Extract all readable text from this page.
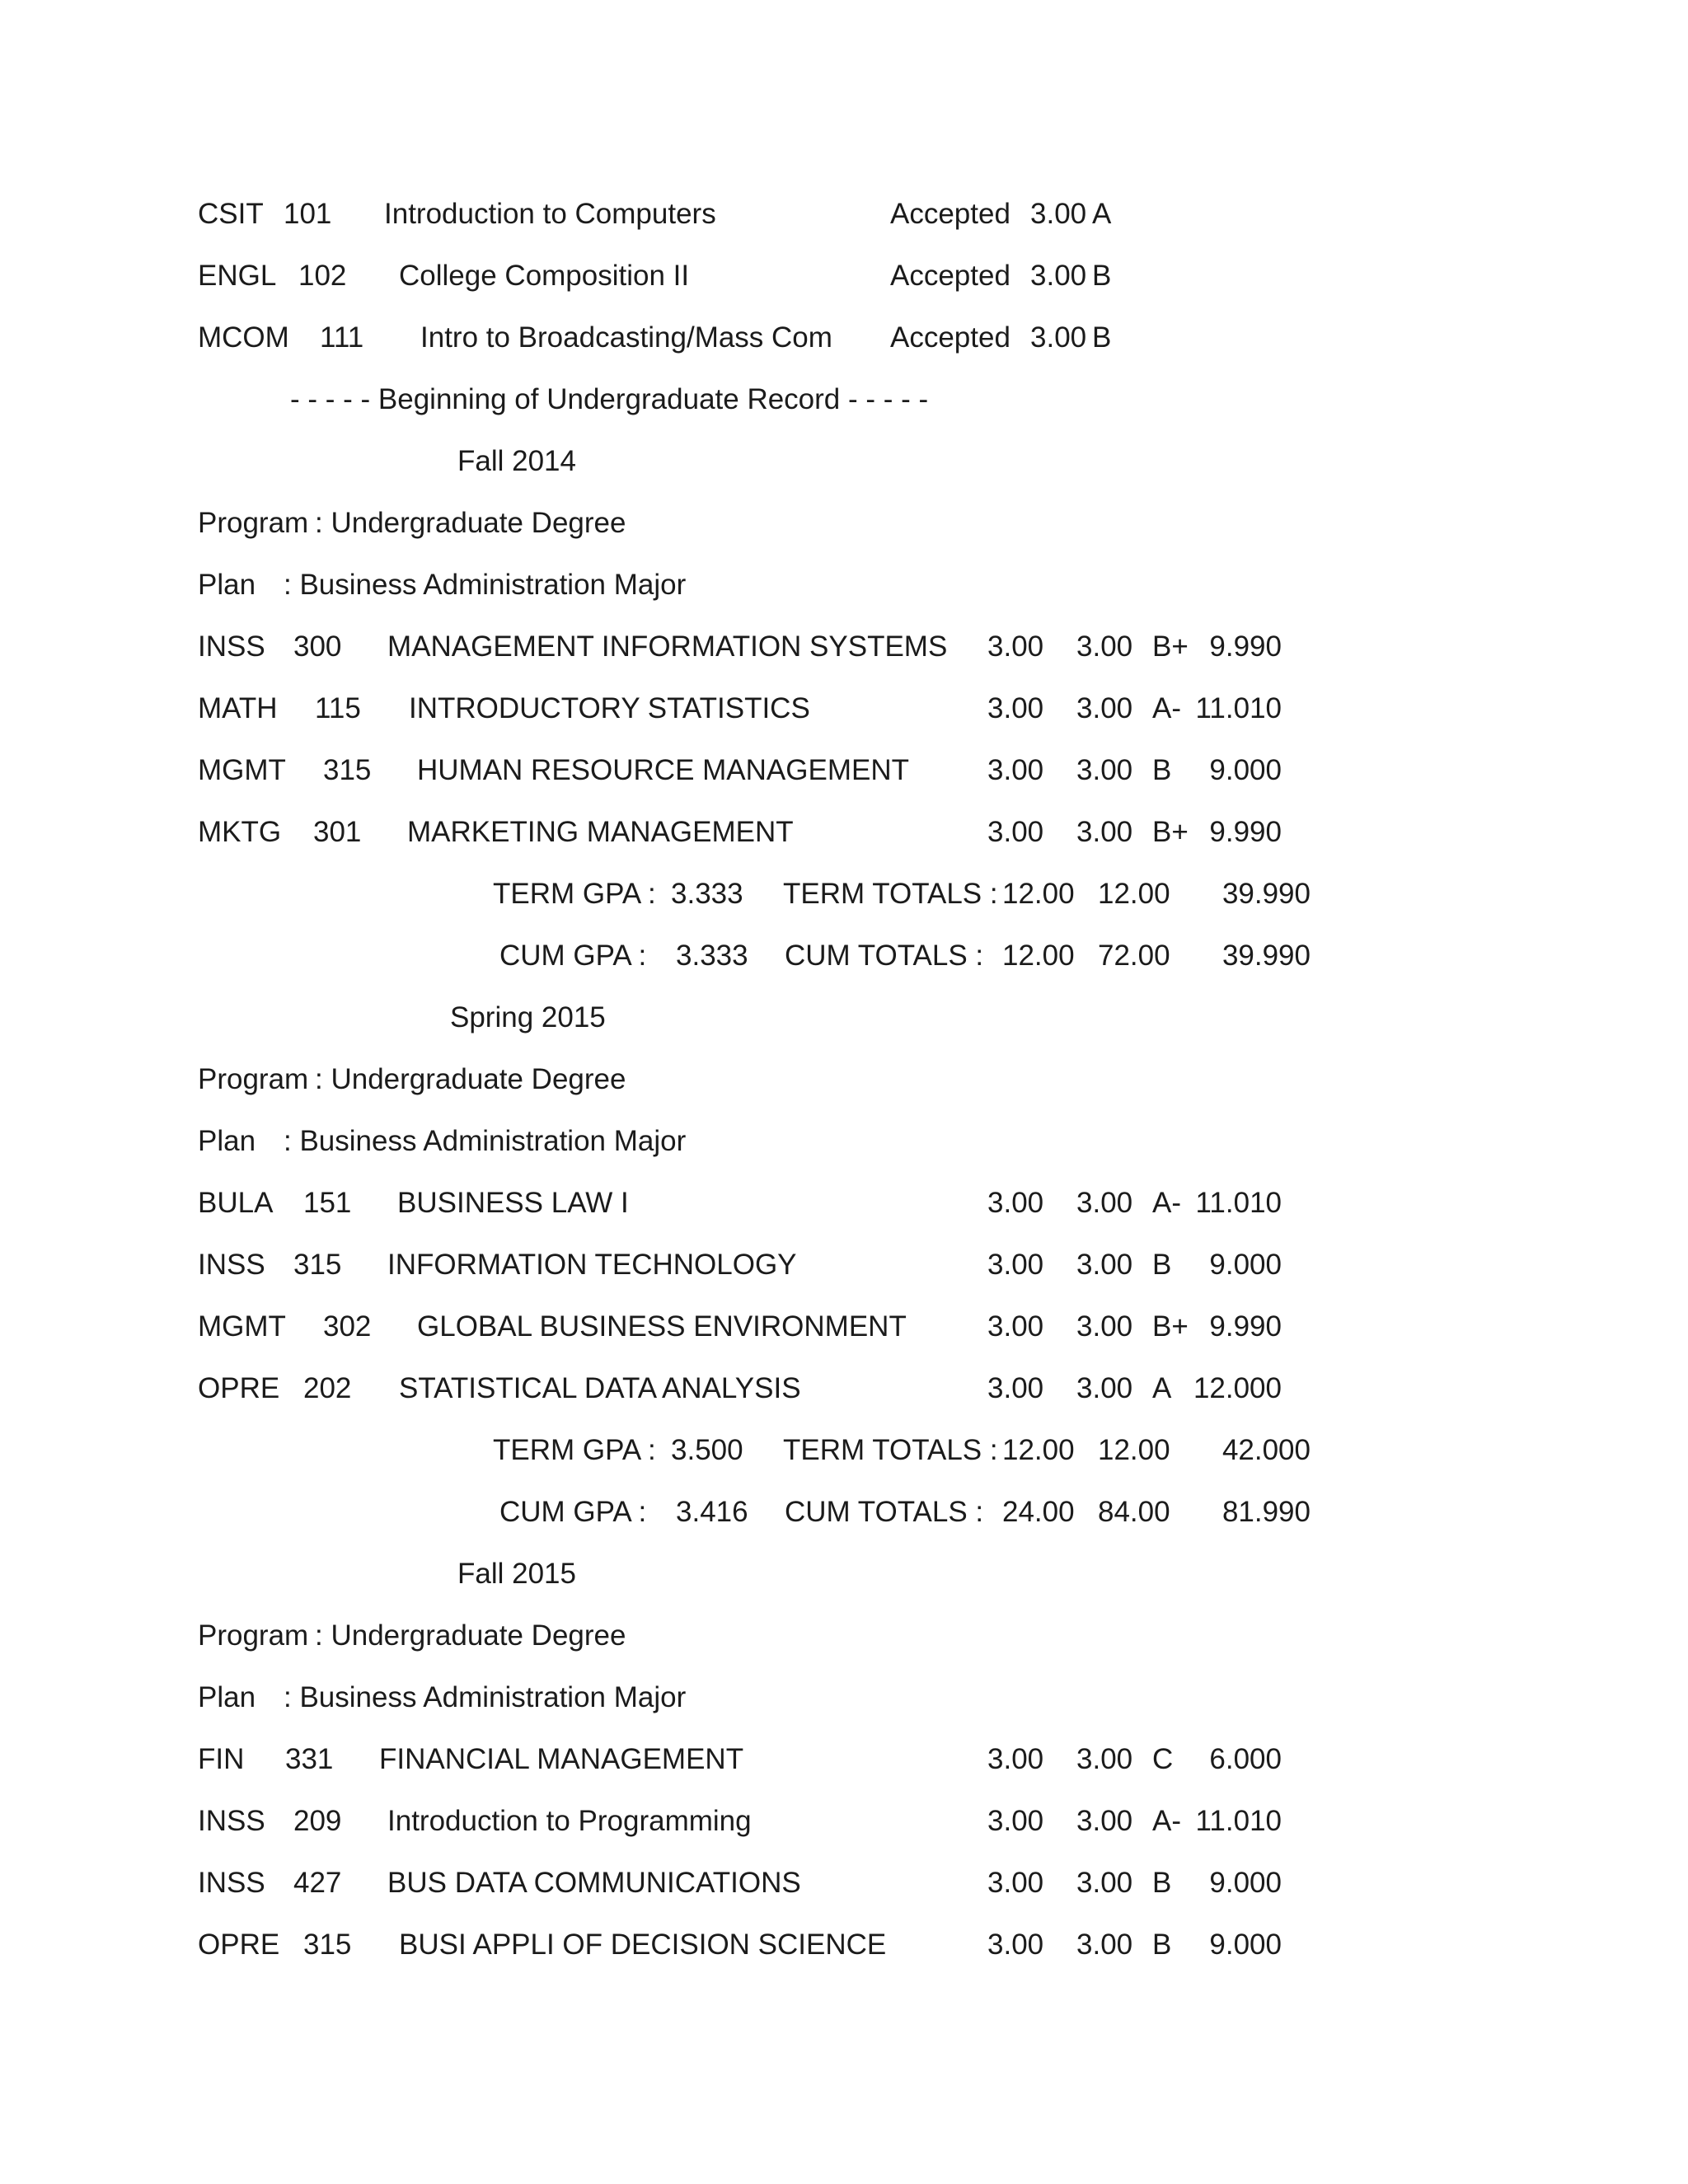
CSIT 101 Introduction to Computers	Accepted 3.00 A
ENGL 102 College Composition II	Accepted 3.00 B
MCOM 111 Intro to Broadcasting/Mass Com Accepted 3.00 B
- - - - - Beginning of Undergraduate Record - - - - -
Fall 2014
Program : Undergraduate Degree
Plan : Business Administration Major
INSS 300 MANAGEMENT INFORMATION SYSTEMS 3.00 3.00 B+ 9.990
MATH 115 INTRODUCTORY STATISTICS	3.00 3.00 A- 11.010
MGMT 315 HUMAN RESOURCE MANAGEMENT	3.00 3.00 B	9.000
MKTG 301 MARKETING MANAGEMENT	3.00 3.00 B+ 9.990
TERM GPA : 3.333 TERM TOTALS : 12.00 12.00	39.990
CUM GPA : 3.333 CUM TOTALS : 12.00 72.00	39.990
Spring 2015
Program : Undergraduate Degree
Plan : Business Administration Major
BULA 151 BUSINESS LAW I	3.00 3.00 A- 11.010
INSS 315 INFORMATION TECHNOLOGY	3.00 3.00 B	9.000
MGMT 302 GLOBAL BUSINESS ENVIRONMENT	3.00 3.00 B+ 9.990
OPRE 202 STATISTICAL DATA ANALYSIS	3.00 3.00 A 12.000
TERM GPA : 3.500 TERM TOTALS : 12.00 12.00	42.000
CUM GPA : 3.416 CUM TOTALS : 24.00 84.00	81.990
Fall 2015
Program : Undergraduate Degree
Plan : Business Administration Major
FIN 331 FINANCIAL MANAGEMENT	3.00 3.00 C	6.000
INSS 209 Introduction to Programming	3.00 3.00 A- 11.010
INSS 427 BUS DATA COMMUNICATIONS	3.00 3.00 B	9.000
OPRE 315 BUSI APPLI OF DECISION SCIENCE	3.00 3.00 B	9.000
